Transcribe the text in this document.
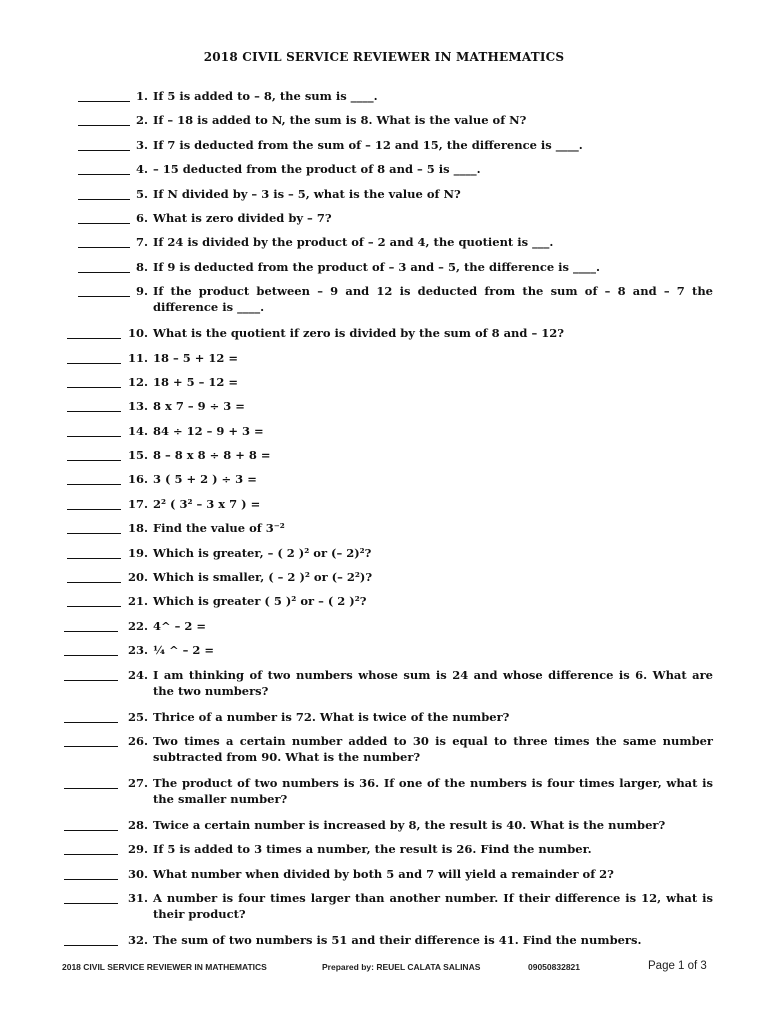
2018 CIVIL SERVICE REVIEWER IN MATHEMATICS
1. If 5 is added to – 8, the sum is ____.
2. If – 18 is added to N, the sum is 8. What is the value of N?
3. If 7 is deducted from the sum of – 12 and 15, the difference is ____.
4. – 15 deducted from the product of 8 and – 5 is ____.
5. If N divided by – 3 is – 5, what is the value of N?
6. What is zero divided by – 7?
7. If 24 is divided by the product of – 2 and 4, the quotient is ___.
8. If 9 is deducted from the product of – 3 and – 5, the difference is ____.
9. If the product between – 9 and 12 is deducted from the sum of – 8 and – 7 the difference is ____.
10. What is the quotient if zero is divided by the sum of 8 and – 12?
11. 18 – 5 + 12 =
12. 18 + 5 – 12 =
13. 8 x 7 – 9 ÷ 3 =
14. 84 ÷ 12 – 9 + 3 =
15. 8 – 8 x 8 ÷ 8 + 8 =
16. 3 ( 5 + 2 ) ÷ 3 =
17. 2² ( 3² – 3 x 7 ) =
18. Find the value of 3⁻²
19. Which is greater, – ( 2 )² or (– 2)²?
20. Which is smaller, ( – 2 )² or (– 2²)?
21. Which is greater ( 5 )² or – ( 2 )²?
22. 4^ – 2 =
23. ¼ ^ – 2 =
24. I am thinking of two numbers whose sum is 24 and whose difference is 6. What are the two numbers?
25. Thrice of a number is 72. What is twice of the number?
26. Two times a certain number added to 30 is equal to three times the same number subtracted from 90. What is the number?
27. The product of two numbers is 36. If one of the numbers is four times larger, what is the smaller number?
28. Twice a certain number is increased by 8, the result is 40. What is the number?
29. If 5 is added to 3 times a number, the result is 26. Find the number.
30. What number when divided by both 5 and 7 will yield a remainder of 2?
31. A number is four times larger than another number. If their difference is 12, what is their product?
32. The sum of two numbers is 51 and their difference is 41. Find the numbers.
2018 CIVIL SERVICE REVIEWER IN MATHEMATICS	Prepared by: REUEL CALATA SALINAS	09050832821	Page 1 of 3
